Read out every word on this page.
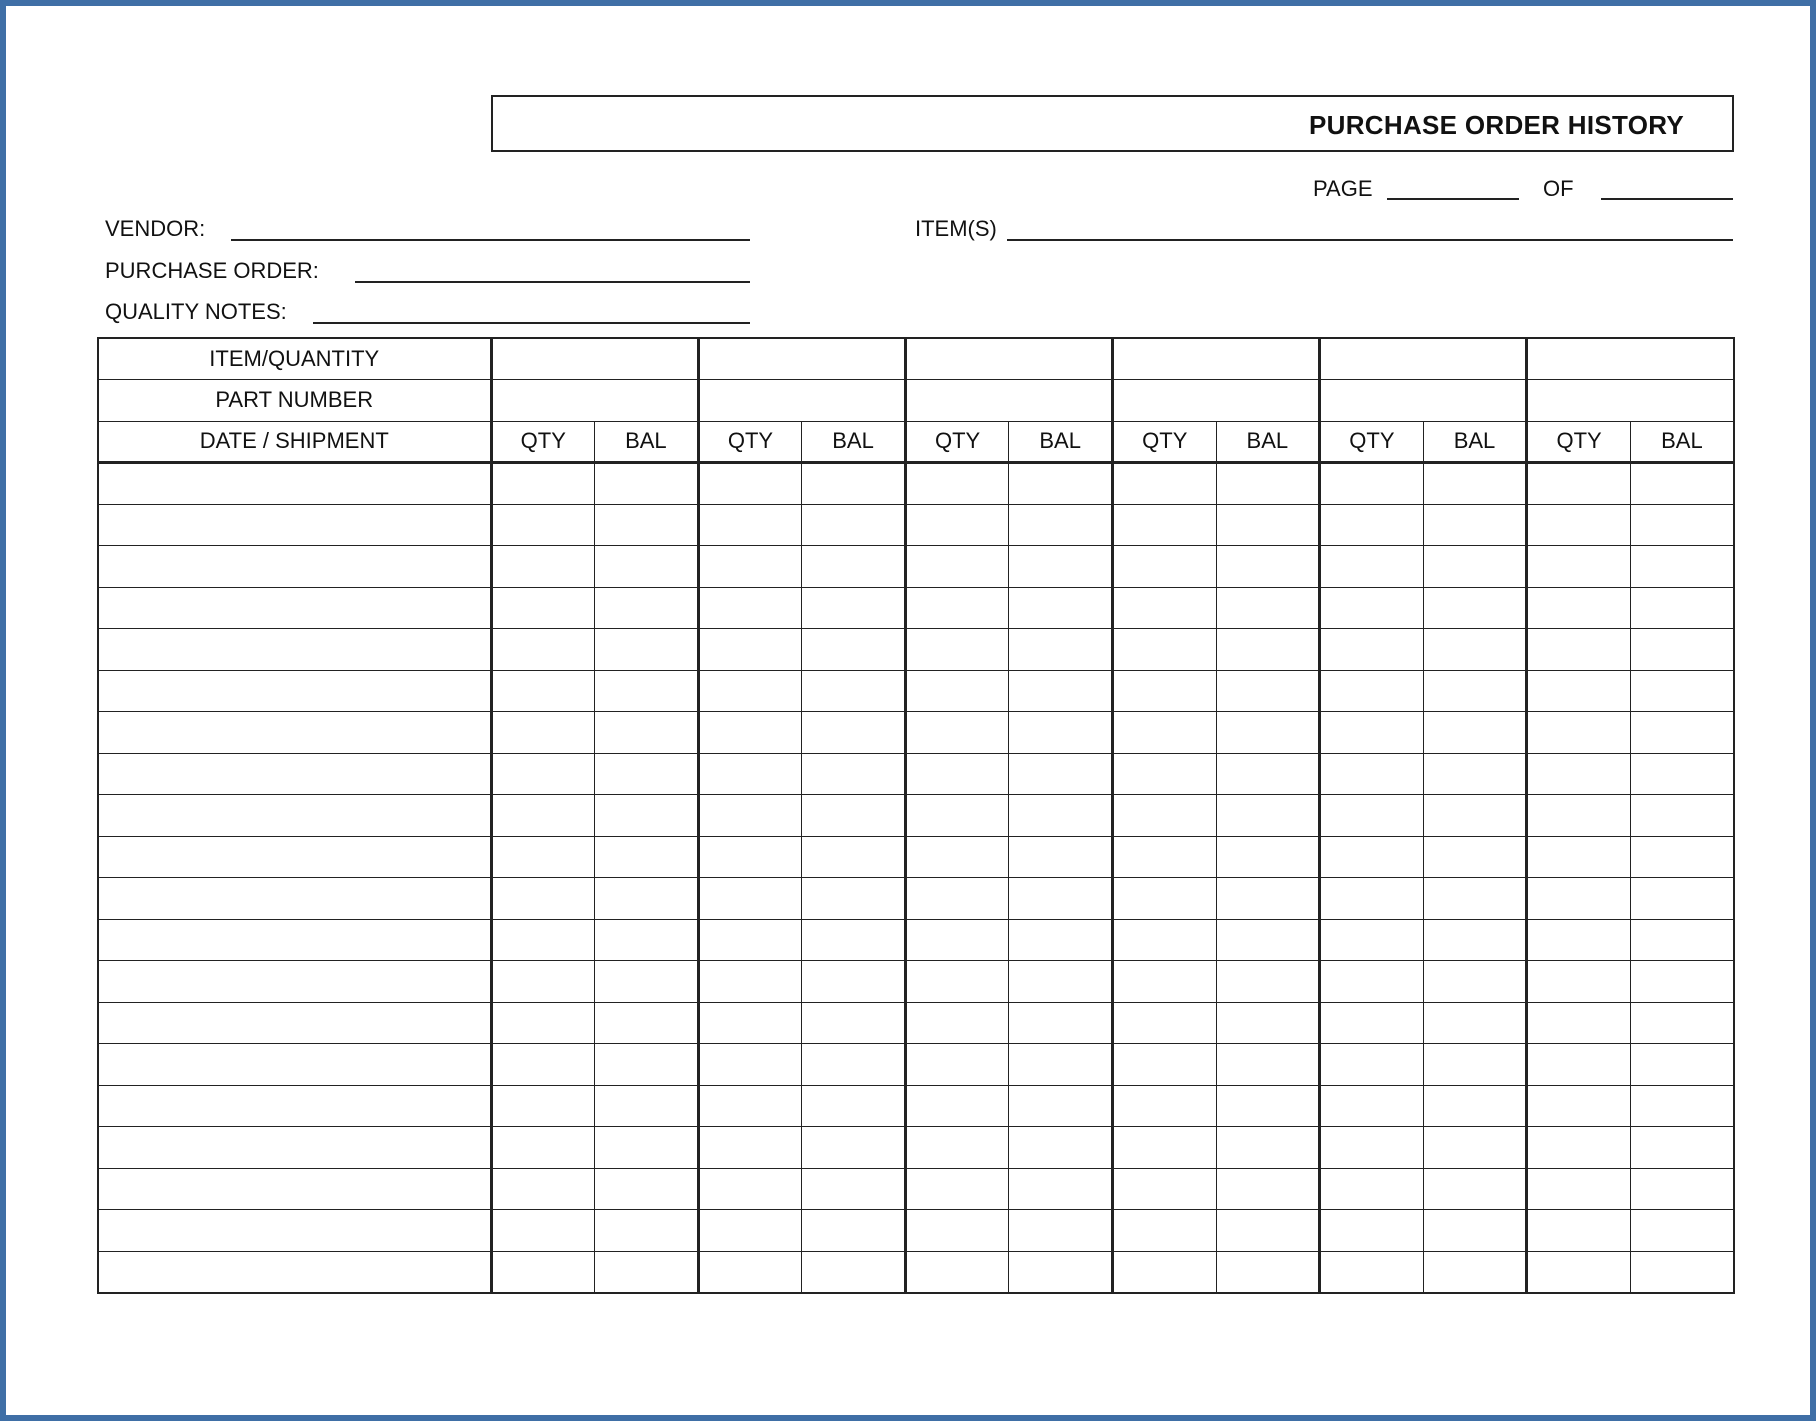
PURCHASE ORDER HISTORY
PAGE	OF
VENDOR:	ITEM(S)
PURCHASE ORDER:
QUALITY NOTES:
ITEM/QUANTITY												
PART NUMBER												
DATE / SHIPMENT	QTY	BAL	QTY	BAL	QTY	BAL	QTY	BAL	QTY	BAL	QTY	BAL
